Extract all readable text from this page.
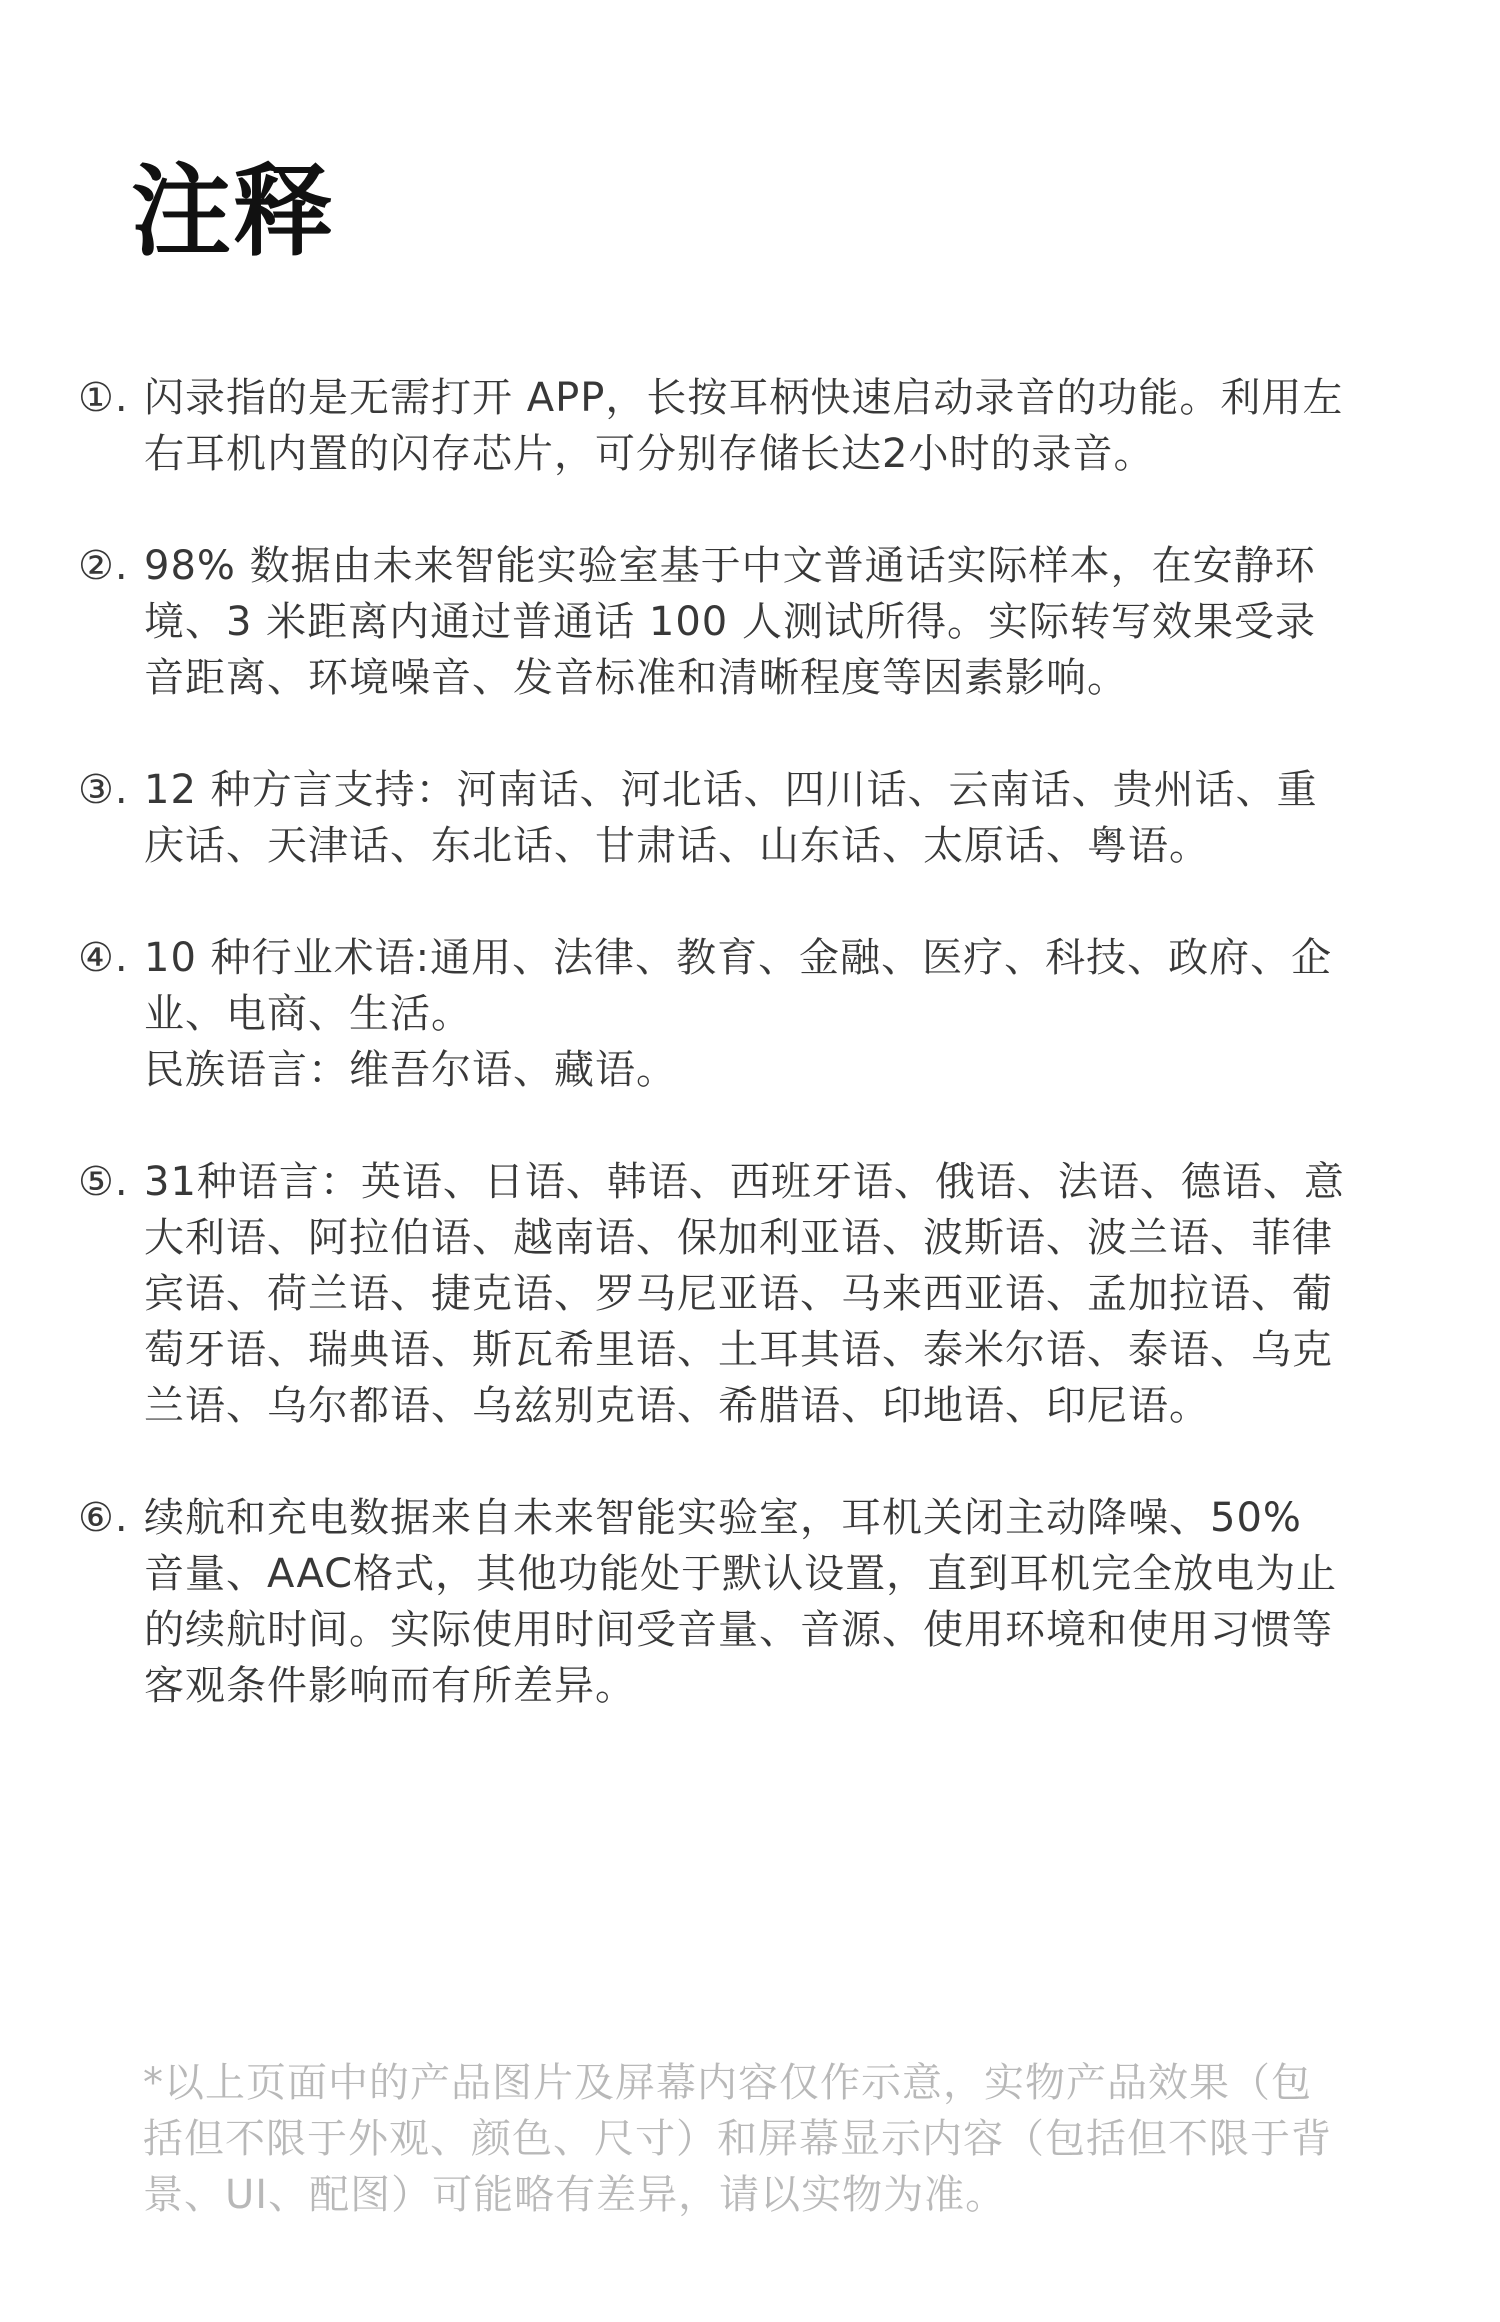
注释
①. 闪录指的是无需打开 APP，长按耳柄快速启动录音的功能。利用左右耳机内置的闪存芯片，可分别存储长达2小时的录音。

②. 98% 数据由未来智能实验室基于中文普通话实际样本，在安静环境、3 米距离内通过普通话 100 人测试所得。实际转写效果受录音距离、环境噪音、发音标准和清晰程度等因素影响。

③. 12 种方言支持：河南话、河北话、四川话、云南话、贵州话、重庆话、天津话、东北话、甘肃话、山东话、太原话、粤语。

④. 10 种行业术语:通用、法律、教育、金融、医疗、科技、政府、企业、电商、生活。
民族语言：维吾尔语、藏语。

⑤. 31种语言：英语、日语、韩语、西班牙语、俄语、法语、德语、意大利语、阿拉伯语、越南语、保加利亚语、波斯语、波兰语、菲律宾语、荷兰语、捷克语、罗马尼亚语、马来西亚语、孟加拉语、葡萄牙语、瑞典语、斯瓦希里语、土耳其语、泰米尔语、泰语、乌克兰语、乌尔都语、乌兹别克语、希腊语、印地语、印尼语。

⑥. 续航和充电数据来自未来智能实验室，耳机关闭主动降噪、50% 音量、AAC格式，其他功能处于默认设置，直到耳机完全放电为止的续航时间。实际使用时间受音量、音源、使用环境和使用习惯等客观条件影响而有所差异。

*以上页面中的产品图片及屏幕内容仅作示意，实物产品效果（包括但不限于外观、颜色、尺寸）和屏幕显示内容（包括但不限于背景、UI、配图）可能略有差异，请以实物为准。
